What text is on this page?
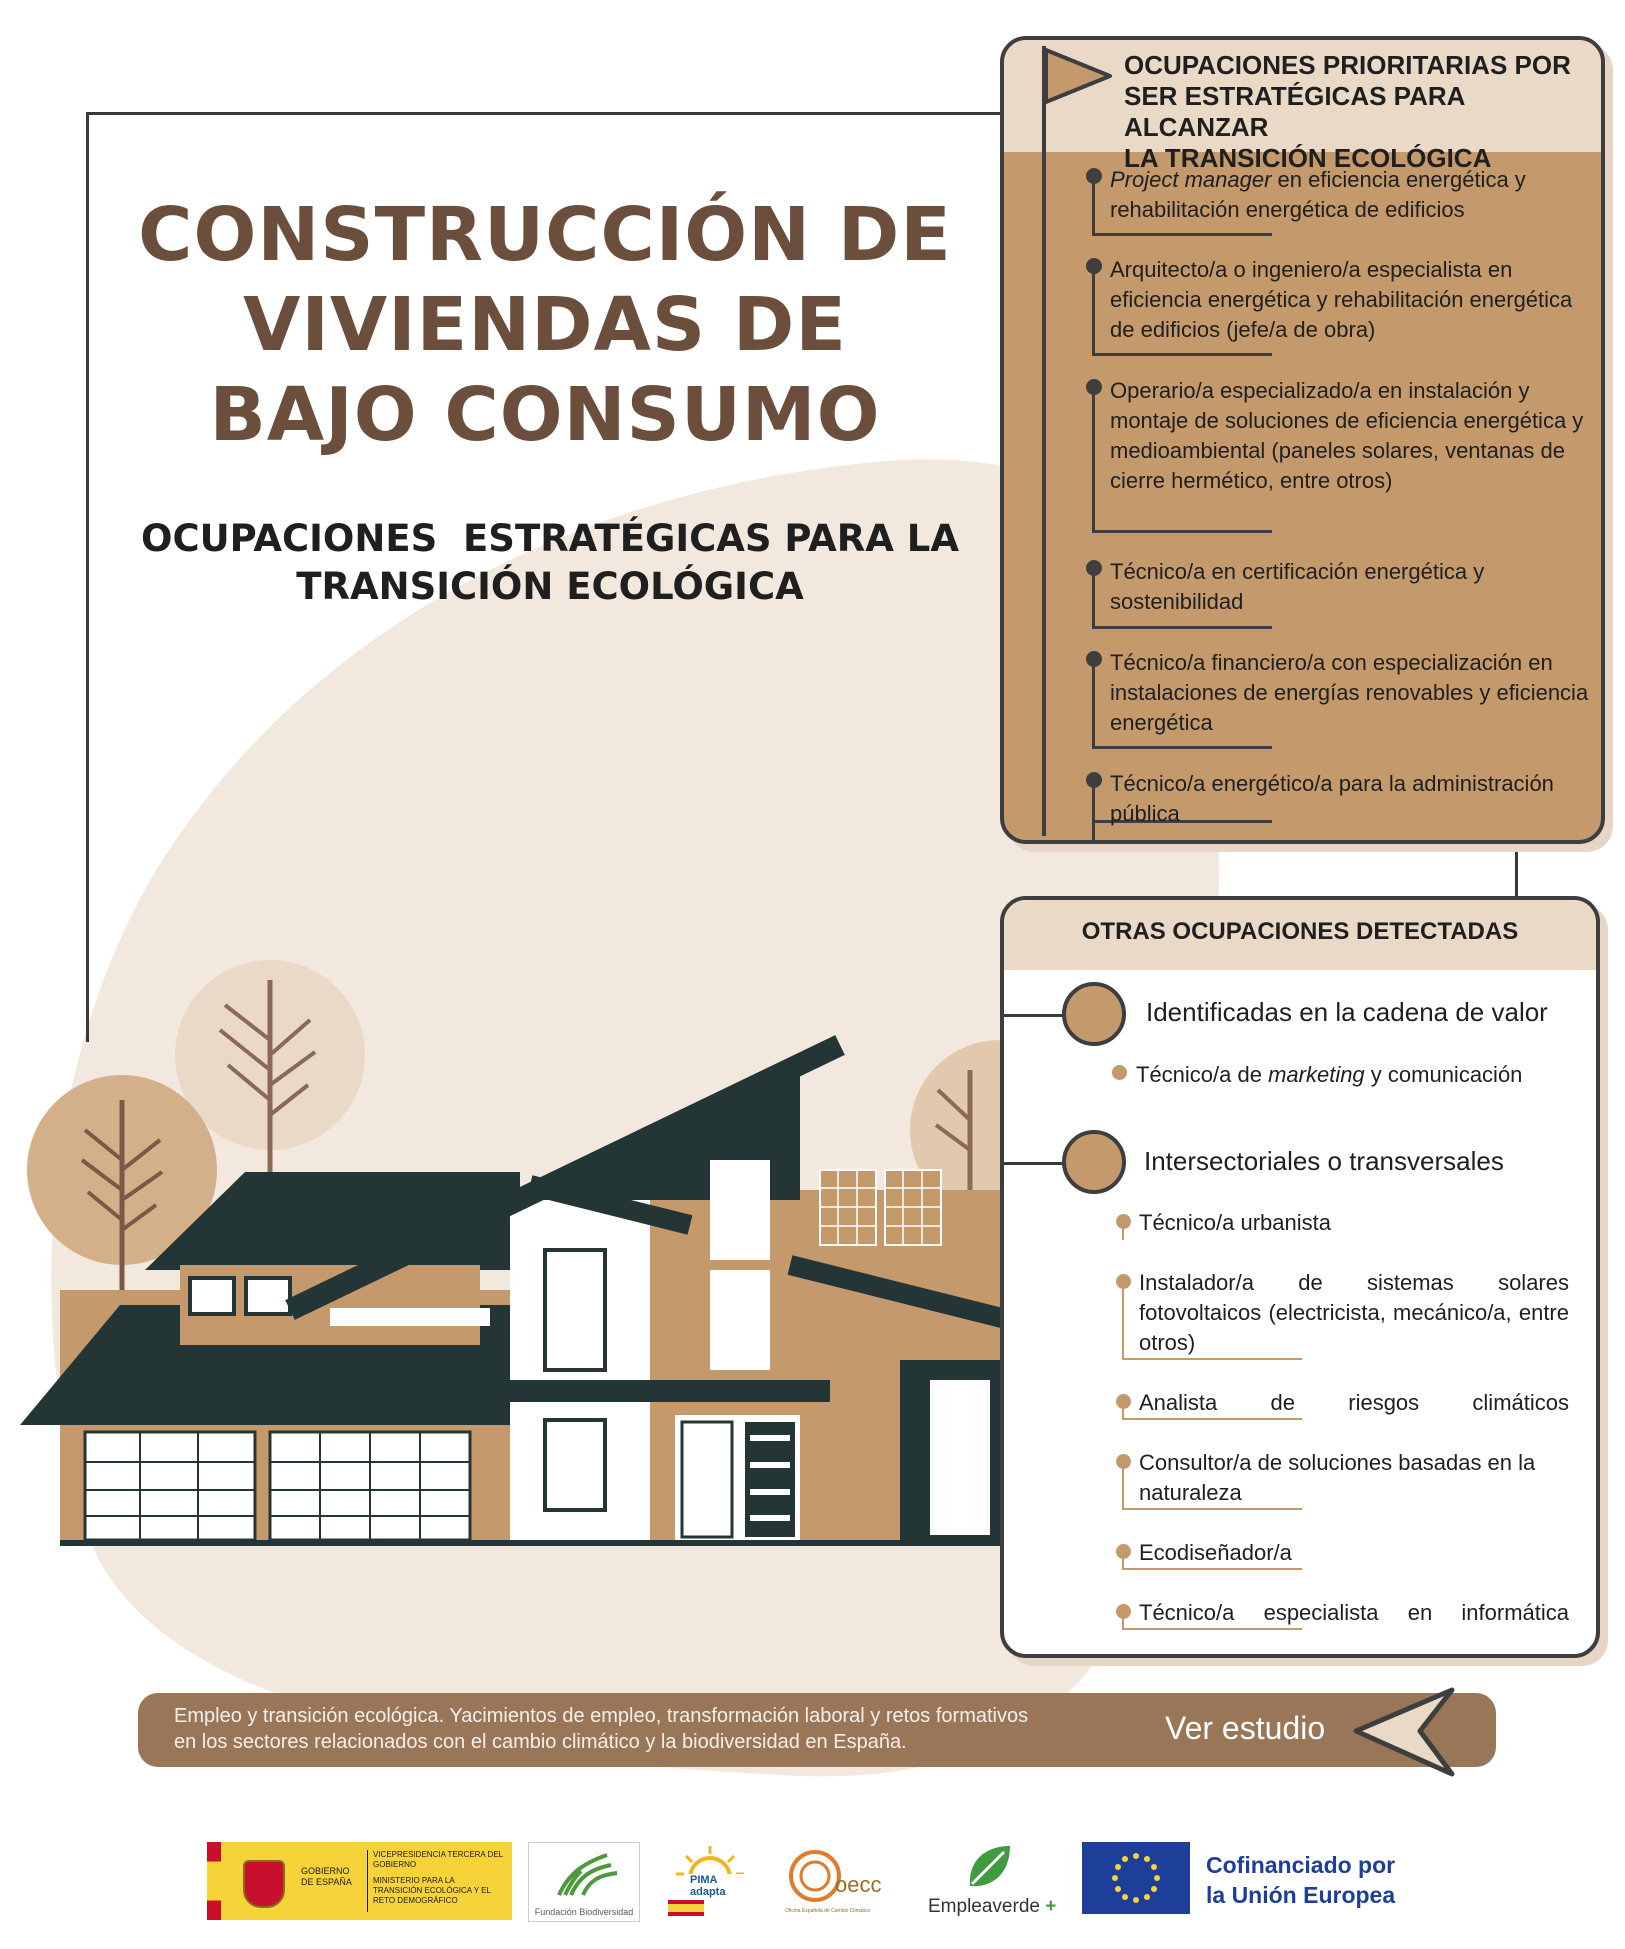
CONSTRUCCIÓN DE
VIVIENDAS DE
BAJO CONSUMO
OCUPACIONES  ESTRATÉGICAS PARA LA
TRANSICIÓN ECOLÓGICA
OCUPACIONES PRIORITARIAS POR
SER ESTRATÉGICAS PARA ALCANZAR
LA TRANSICIÓN ECOLÓGICA
Project manager en eficiencia energética y rehabilitación energética de edificios
Arquitecto/a o ingeniero/a especialista en eficiencia energética y rehabilitación energética de edificios (jefe/a de obra)
Operario/a especializado/a en instalación y montaje de soluciones de eficiencia energética y medioambiental (paneles solares, ventanas de cierre hermético, entre otros)
Técnico/a en certificación energética y sostenibilidad
Técnico/a financiero/a con especialización en instalaciones de energías renovables y eficiencia energética
Técnico/a energético/a para la administración pública
OTRAS OCUPACIONES DETECTADAS
Identificadas en la cadena de valor
Técnico/a de marketing y comunicación
Intersectoriales o transversales
Técnico/a urbanista
Instalador/a de sistemas solares fotovoltaicos (electricista, mecánico/a, entre otros)
Analista de riesgos climáticos
Consultor/a de soluciones basadas en la naturaleza
Ecodiseñador/a
Técnico/a especialista en informática
Empleo y transición ecológica. Yacimientos de empleo, transformación laboral y retos formativos en los sectores relacionados con el cambio climático y la biodiversidad en España.	Ver estudio
GOBIERNO DE ESPAÑA
VICEPRESIDENCIA TERCERA DEL GOBIERNO
MINISTERIO PARA LA TRANSICIÓN ECOLÓGICA Y EL RETO DEMOGRÁFICO
Fundación Biodiversidad
PIMA adapta	oecc
Oficina Española de Cambio Climático	Empleaverde +
Cofinanciado por
la Unión Europea
